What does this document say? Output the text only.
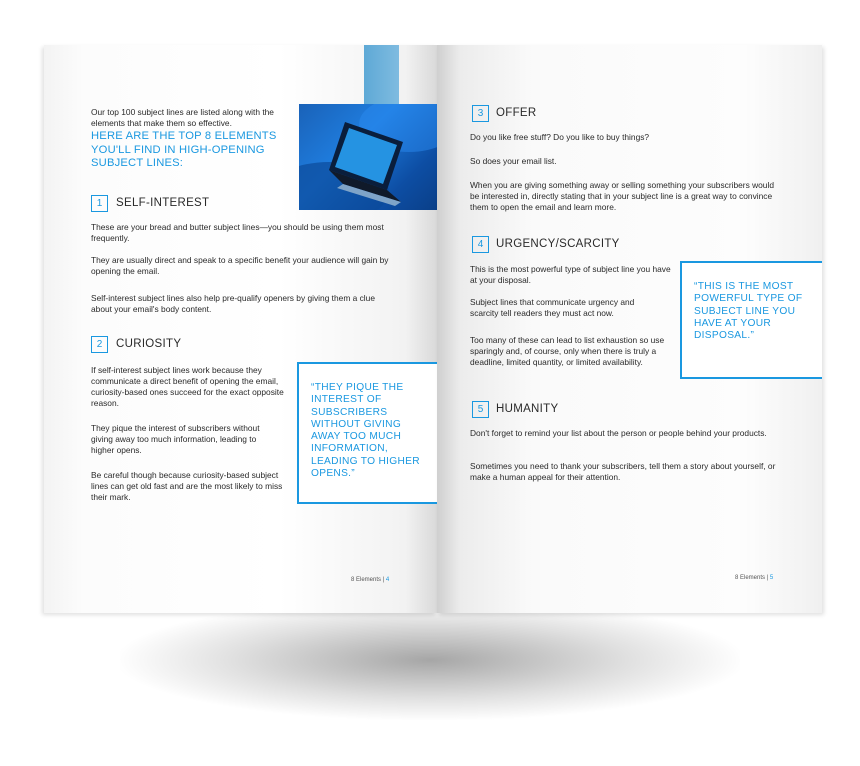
Our top 100 subject lines are listed along with the elements that make them so effective.

HERE ARE THE TOP 8 ELEMENTS YOU'LL FIND IN HIGH-OPENING SUBJECT LINES:
1	SELF-INTEREST

These are your bread and butter subject lines—you should be using them most frequently.

They are usually direct and speak to a specific benefit your audience will gain by opening the email.

Self-interest subject lines also help pre-qualify openers by giving them a clue about your email's body content.

2	CURIOSITY

If self-interest subject lines work because they communicate a direct benefit of opening the email, curiosity-based ones succeed for the exact opposite reason.

They pique the interest of subscribers without giving away too much information, leading to higher opens.

Be careful though because curiosity-based subject lines can get old fast and are the most likely to miss their mark.

“THEY PIQUE THE INTEREST OF SUBSCRIBERS WITHOUT GIVING AWAY TOO MUCH INFORMATION, LEADING TO HIGHER OPENS.”
8 Elements | 4
3	OFFER

Do you like free stuff? Do you like to buy things?

So does your email list.

When you are giving something away or selling something your subscribers would be interested in, directly stating that in your subject line is a great way to convince them to open the email and learn more.

4	URGENCY/SCARCITY

This is the most powerful type of subject line you have at your disposal.

Subject lines that communicate urgency and scarcity tell readers they must act now.

Too many of these can lead to list exhaustion so use sparingly and, of course, only when there is truly a deadline, limited quantity, or limited availability.

“THIS IS THE MOST POWERFUL TYPE OF SUBJECT LINE YOU HAVE AT YOUR DISPOSAL.”
5	HUMANITY

Don't forget to remind your list about the person or people behind your products.

Sometimes you need to thank your subscribers, tell them a story about yourself, or make a human appeal for their attention.

8 Elements | 5
